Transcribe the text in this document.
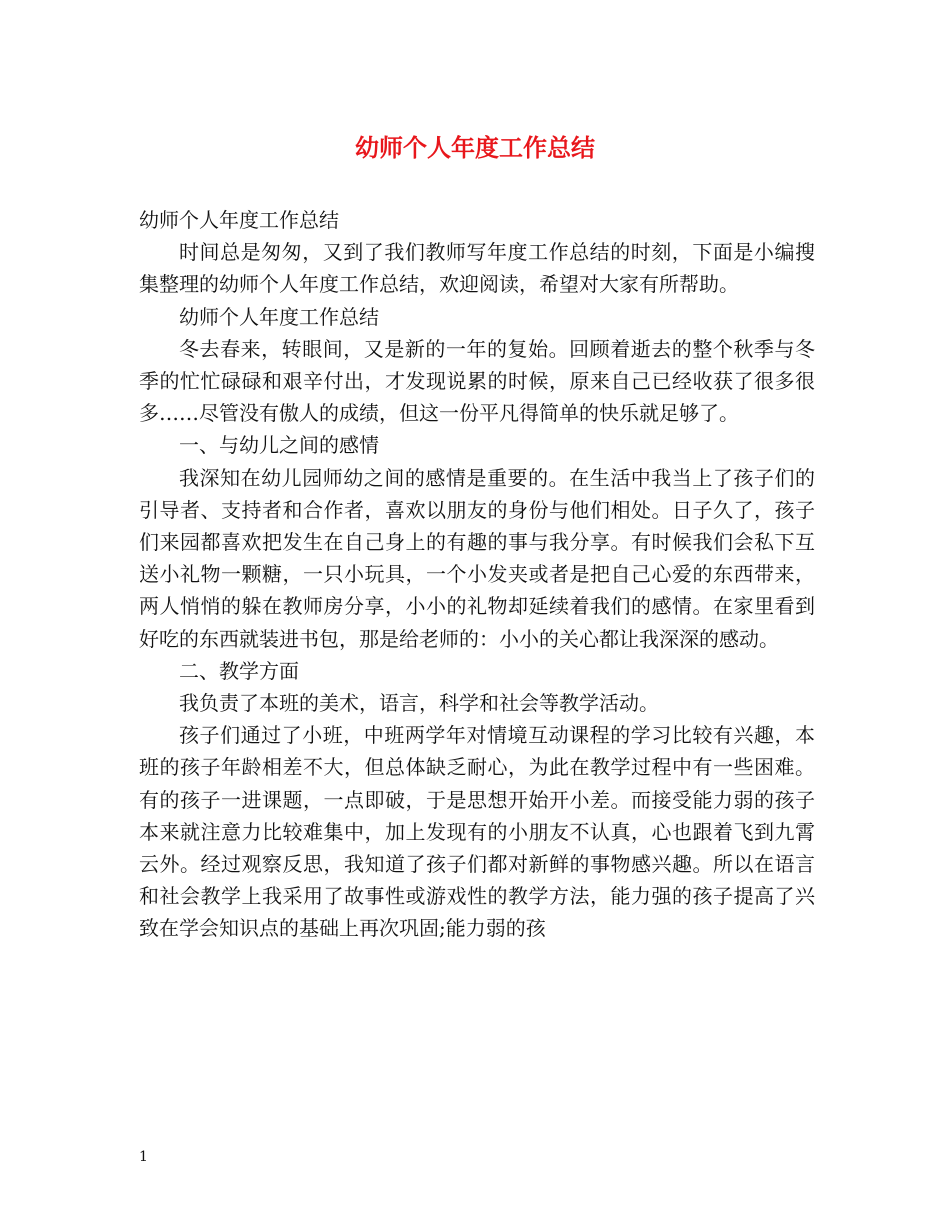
幼师个人年度工作总结

幼师个人年度工作总结

时间总是匆匆，又到了我们教师写年度工作总结的时刻，下面是小编搜集整理的幼师个人年度工作总结，欢迎阅读，希望对大家有所帮助。

幼师个人年度工作总结

冬去春来，转眼间，又是新的一年的复始。回顾着逝去的整个秋季与冬季的忙忙碌碌和艰辛付出，才发现说累的时候，原来自己已经收获了很多很多……尽管没有傲人的成绩，但这一份平凡得简单的快乐就足够了。

一、与幼儿之间的感情

我深知在幼儿园师幼之间的感情是重要的。在生活中我当上了孩子们的引导者、支持者和合作者，喜欢以朋友的身份与他们相处。日子久了，孩子们来园都喜欢把发生在自己身上的有趣的事与我分享。有时候我们会私下互送小礼物一颗糖，一只小玩具，一个小发夹或者是把自己心爱的东西带来，两人悄悄的躲在教师房分享，小小的礼物却延续着我们的感情。在家里看到好吃的东西就装进书包，那是给老师的：小小的关心都让我深深的感动。

二、教学方面

我负责了本班的美术，语言，科学和社会等教学活动。

孩子们通过了小班，中班两学年对情境互动课程的学习比较有兴趣，本班的孩子年龄相差不大，但总体缺乏耐心，为此在教学过程中有一些困难。有的孩子一进课题，一点即破，于是思想开始开小差。而接受能力弱的孩子本来就注意力比较难集中，加上发现有的小朋友不认真，心也跟着飞到九霄云外。经过观察反思，我知道了孩子们都对新鲜的事物感兴趣。所以在语言和社会教学上我采用了故事性或游戏性的教学方法，能力强的孩子提高了兴致在学会知识点的基础上再次巩固;能力弱的孩

1
